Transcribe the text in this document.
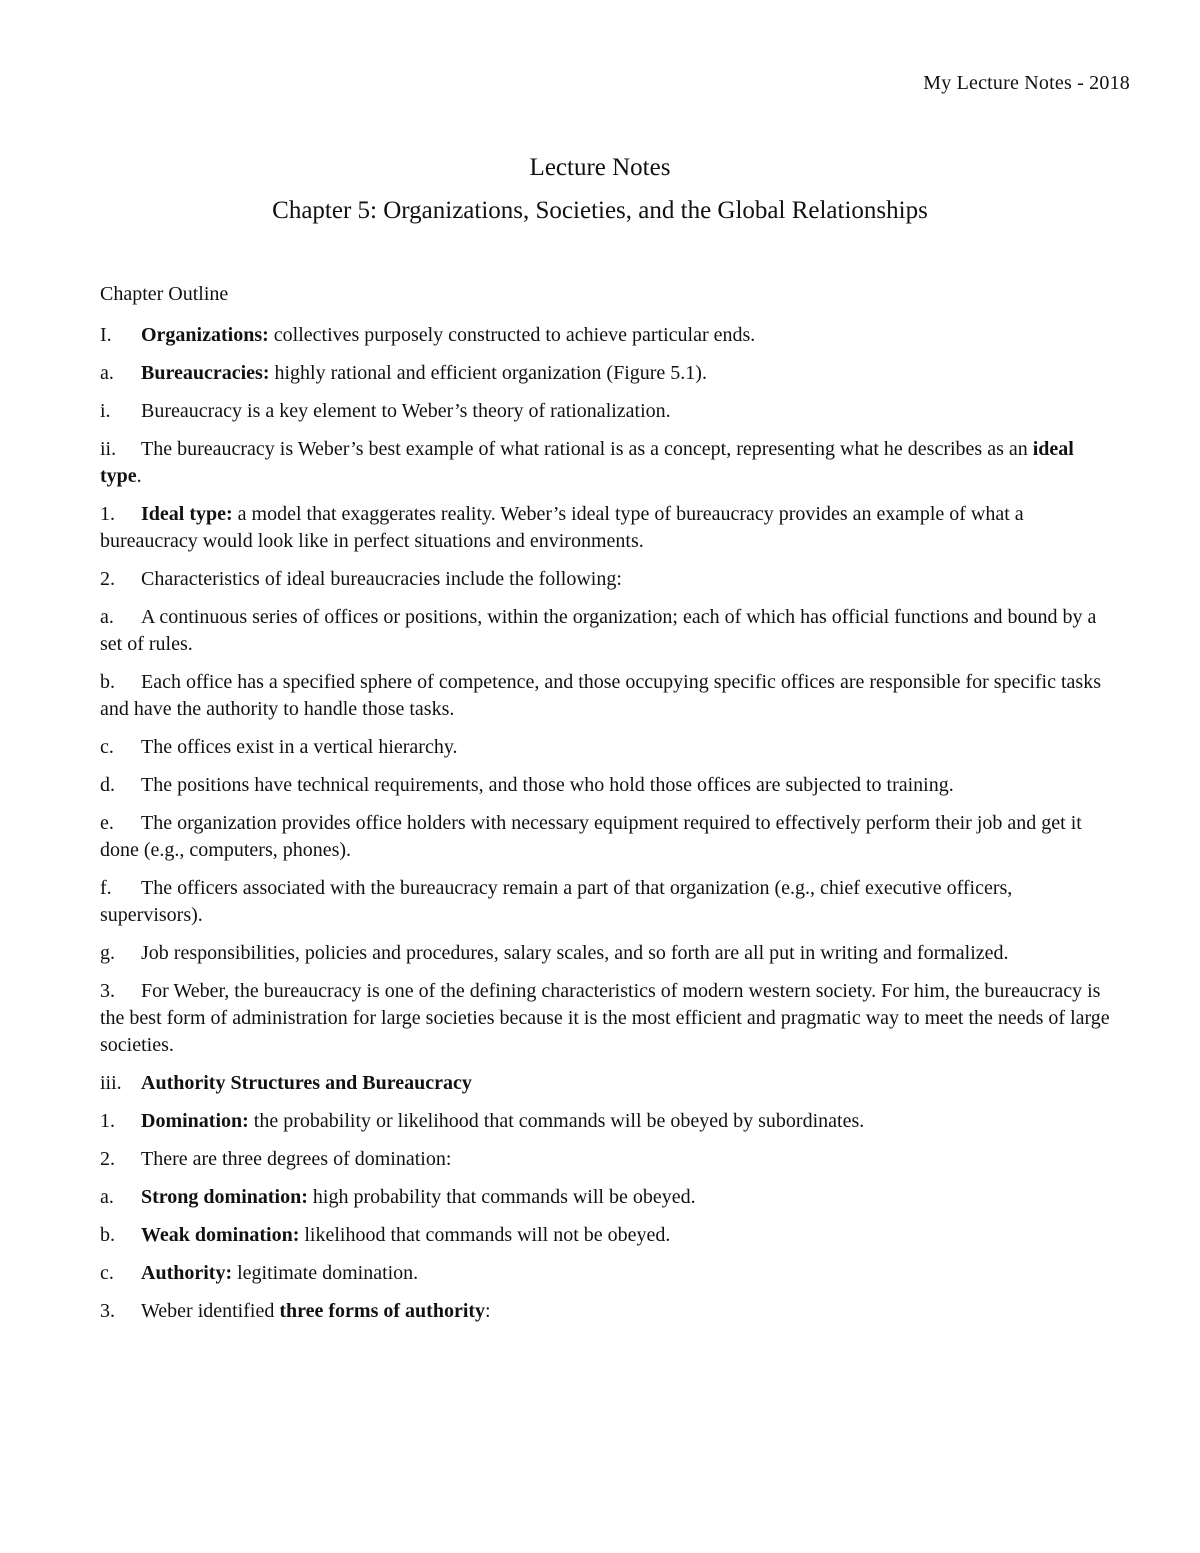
My Lecture Notes - 2018
Lecture Notes
Chapter 5: Organizations, Societies, and the Global Relationships
Chapter Outline
I. Organizations: collectives purposely constructed to achieve particular ends.
a. Bureaucracies: highly rational and efficient organization (Figure 5.1).
i. Bureaucracy is a key element to Weber’s theory of rationalization.
ii. The bureaucracy is Weber’s best example of what rational is as a concept, representing what he describes as an ideal type.
1. Ideal type: a model that exaggerates reality. Weber’s ideal type of bureaucracy provides an example of what a bureaucracy would look like in perfect situations and environments.
2. Characteristics of ideal bureaucracies include the following:
a. A continuous series of offices or positions, within the organization; each of which has official functions and bound by a set of rules.
b. Each office has a specified sphere of competence, and those occupying specific offices are responsible for specific tasks and have the authority to handle those tasks.
c. The offices exist in a vertical hierarchy.
d. The positions have technical requirements, and those who hold those offices are subjected to training.
e. The organization provides office holders with necessary equipment required to effectively perform their job and get it done (e.g., computers, phones).
f. The officers associated with the bureaucracy remain a part of that organization (e.g., chief executive officers, supervisors).
g. Job responsibilities, policies and procedures, salary scales, and so forth are all put in writing and formalized.
3. For Weber, the bureaucracy is one of the defining characteristics of modern western society. For him, the bureaucracy is the best form of administration for large societies because it is the most efficient and pragmatic way to meet the needs of large societies.
iii. Authority Structures and Bureaucracy
1. Domination: the probability or likelihood that commands will be obeyed by subordinates.
2. There are three degrees of domination:
a. Strong domination: high probability that commands will be obeyed.
b. Weak domination: likelihood that commands will not be obeyed.
c. Authority: legitimate domination.
3. Weber identified three forms of authority:
